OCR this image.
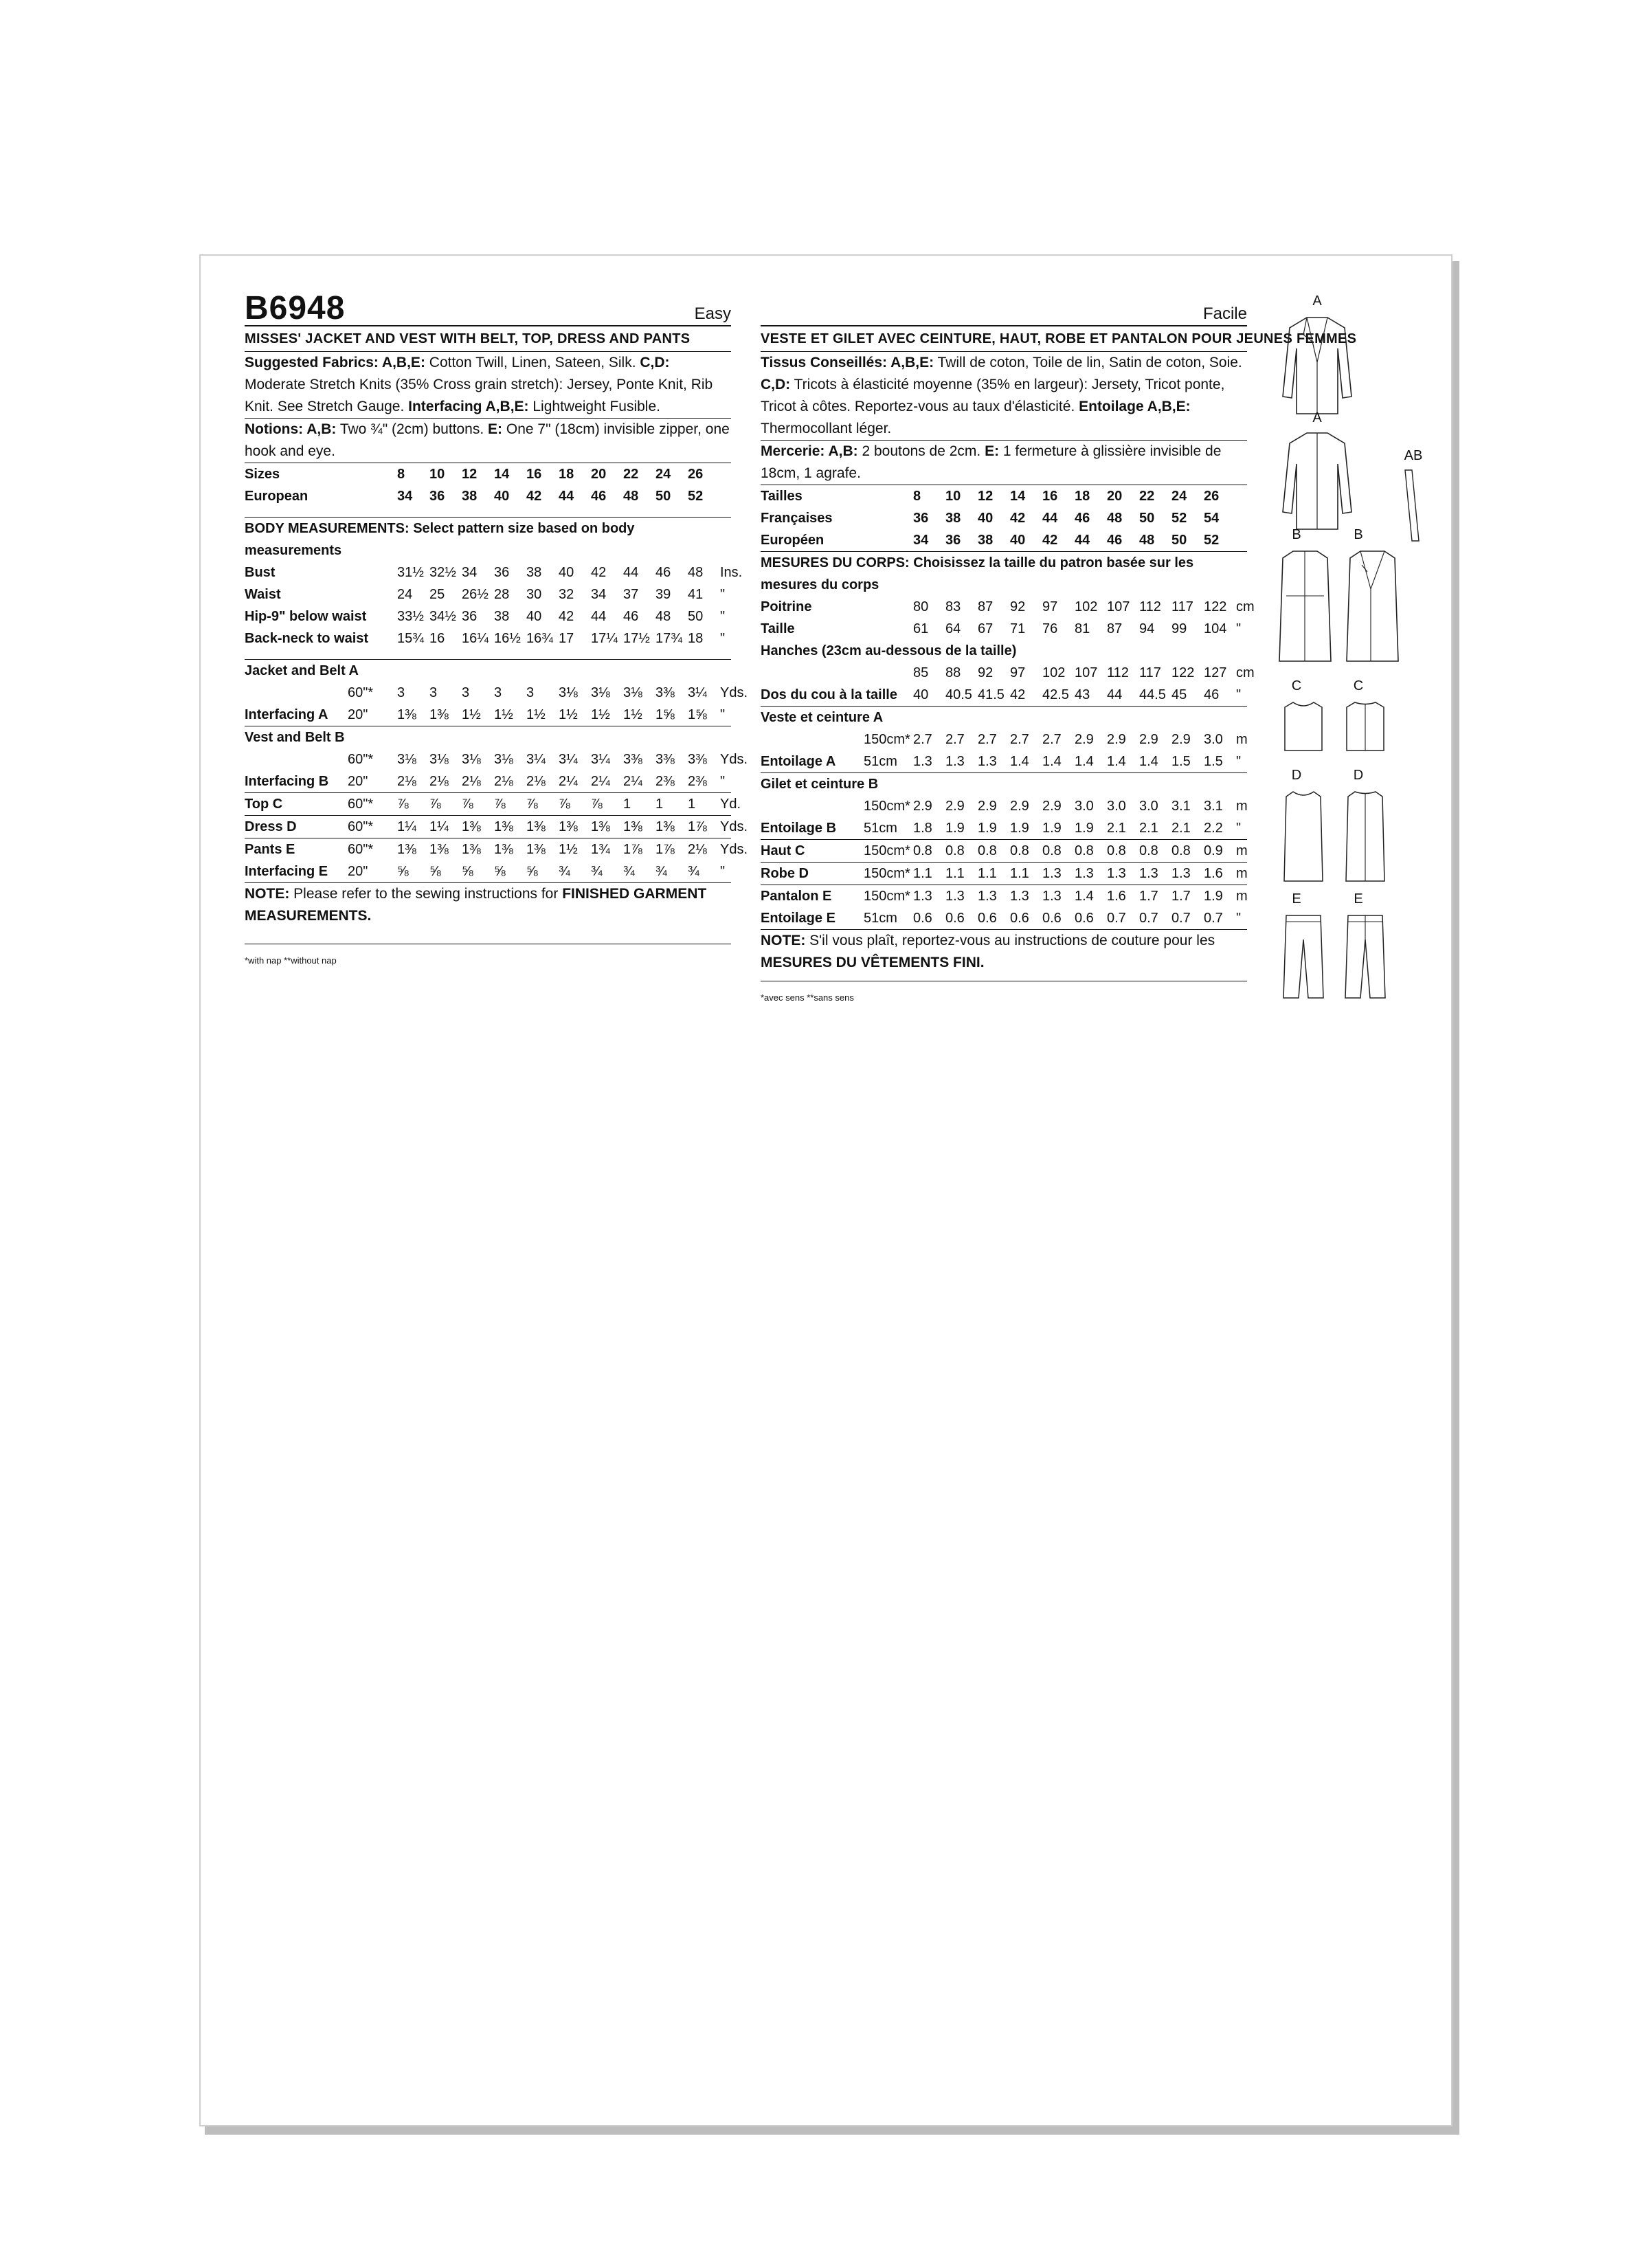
B6948	Easy
MISSES' JACKET AND VEST WITH BELT, TOP, DRESS AND PANTS

Suggested Fabrics: A,B,E: Cotton Twill, Linen, Sateen, Silk. C,D: Moderate Stretch Knits (35% Cross grain stretch): Jersey, Ponte Knit, Rib Knit. See Stretch Gauge. Interfacing A,B,E: Lightweight Fusible.

Notions: A,B: Two ¾" (2cm) buttons. E: One 7" (18cm) invisible zipper, one hook and eye.

Sizes		8	10	12	14	16	18	20	22	24	26	
European		34	36	38	40	42	44	46	48	50	52	
BODY MEASUREMENTS: Select pattern size based on body measurements
Bust		31½	32½	34	36	38	40	42	44	46	48	Ins.
Waist		24	25	26½	28	30	32	34	37	39	41	"
Hip-9" below waist		33½	34½	36	38	40	42	44	46	48	50	"
Back-neck to waist		15¾	16	16¼	16½	16¾	17	17¼	17½	17¾	18	"
Jacket and Belt A
	60"*	3	3	3	3	3	3⅛	3⅛	3⅛	3⅜	3¼	Yds.
Interfacing A	20"	1⅜	1⅜	1½	1½	1½	1½	1½	1½	1⅝	1⅝	"
Vest and Belt B
	60"*	3⅛	3⅛	3⅛	3⅛	3¼	3¼	3¼	3⅜	3⅜	3⅜	Yds.
Interfacing B	20"	2⅛	2⅛	2⅛	2⅛	2⅛	2¼	2¼	2¼	2⅜	2⅜	"
Top C	60"*	⅞	⅞	⅞	⅞	⅞	⅞	⅞	1	1	1	Yd.
Dress D	60"*	1¼	1¼	1⅜	1⅜	1⅜	1⅜	1⅜	1⅜	1⅜	1⅞	Yds.
Pants E	60"*	1⅜	1⅜	1⅜	1⅜	1⅜	1½	1¾	1⅞	1⅞	2⅛	Yds.
Interfacing E	20"	⅝	⅝	⅝	⅝	⅝	¾	¾	¾	¾	¾	"

NOTE: Please refer to the sewing instructions for FINISHED GARMENT MEASUREMENTS.

*with nap **without nap
Facile
VESTE ET GILET AVEC CEINTURE, HAUT, ROBE ET PANTALON POUR JEUNES FEMMES

Tissus Conseillés: A,B,E: Twill de coton, Toile de lin, Satin de coton, Soie. C,D: Tricots à élasticité moyenne (35% en largeur): Jersety, Tricot ponte, Tricot à côtes. Reportez-vous au taux d'élasticité. Entoilage A,B,E: Thermocollant léger.

Mercerie: A,B: 2 boutons de 2cm. E: 1 fermeture à glissière invisible de 18cm, 1 agrafe.

Tailles		8	10	12	14	16	18	20	22	24	26	
Françaises		36	38	40	42	44	46	48	50	52	54	
Européen		34	36	38	40	42	44	46	48	50	52	
MESURES DU CORPS: Choisissez la taille du patron basée sur les mesures du corps
Poitrine		80	83	87	92	97	102	107	112	117	122	cm
Taille		61	64	67	71	76	81	87	94	99	104	"
Hanches (23cm au-dessous de la taille)
		85	88	92	97	102	107	112	117	122	127	cm
Dos du cou à la taille		40	40.5	41.5	42	42.5	43	44	44.5	45	46	"
Veste et ceinture A
	150cm*	2.7	2.7	2.7	2.7	2.7	2.9	2.9	2.9	2.9	3.0	m
Entoilage A	51cm	1.3	1.3	1.3	1.4	1.4	1.4	1.4	1.4	1.5	1.5	"
Gilet et ceinture B
	150cm*	2.9	2.9	2.9	2.9	2.9	3.0	3.0	3.0	3.1	3.1	m
Entoilage B	51cm	1.8	1.9	1.9	1.9	1.9	1.9	2.1	2.1	2.1	2.2	"
Haut C	150cm*	0.8	0.8	0.8	0.8	0.8	0.8	0.8	0.8	0.8	0.9	m
Robe D	150cm*	1.1	1.1	1.1	1.1	1.3	1.3	1.3	1.3	1.3	1.6	m
Pantalon E	150cm*	1.3	1.3	1.3	1.3	1.3	1.4	1.6	1.7	1.7	1.9	m
Entoilage E	51cm	0.6	0.6	0.6	0.6	0.6	0.6	0.7	0.7	0.7	0.7	"

NOTE: S'il vous plaît, reportez-vous au instructions de couture pour les MESURES DU VÊTEMENTS FINI.

*avec sens **sans sens
A
A
AB
B	B
C	C
D	D
E	E
